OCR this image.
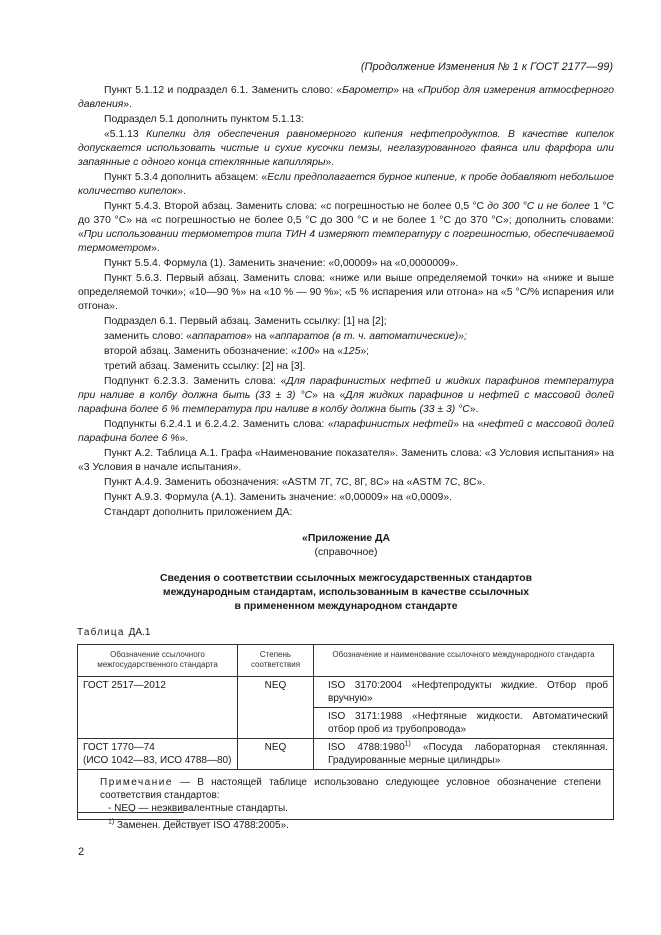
(Продолжение Изменения № 1 к ГОСТ 2177—99)

Пункт 5.1.12 и подраздел 6.1. Заменить слово: «Барометр» на «Прибор для измерения атмосферного давления».

Подраздел 5.1 дополнить пунктом 5.1.13:

«5.1.13 Кипелки для обеспечения равномерного кипения нефтепродуктов. В качестве кипелок допускается использовать чистые и сухие кусочки пемзы, неглазурованного фаянса или фарфора или запаянные с одного конца стеклянные капилляры».

Пункт 5.3.4 дополнить абзацем: «Если предполагается бурное кипение, к пробе добавляют небольшое количество кипелок».

Пункт 5.4.3. Второй абзац. Заменить слова: «с погрешностью не более 0,5 °С до 300 °С и не более 1 °С до 370 °С» на «с погрешностью не более 0,5 °С до 300 °С и не более 1 °С до 370 °С»; дополнить словами: «При использовании термометров типа ТИН 4 измеряют температуру с погрешностью, обеспечиваемой термометром».

Пункт 5.5.4. Формула (1). Заменить значение: «0,00009» на «0,0000009».

Пункт 5.6.3. Первый абзац. Заменить слова: «ниже или выше определяемой точки» на «ниже и выше определяемой точки»; «10—90 %» на «10 % — 90 %»; «5 % испарения или отгона» на «5 °С/% испарения или отгона».

Подраздел 6.1. Первый абзац. Заменить ссылку: [1] на [2];

заменить слово: «аппаратов» на «аппаратов (в т. ч. автоматические)»;

второй абзац. Заменить обозначение: «100» на «125»;

третий абзац. Заменить ссылку: [2] на [3].

Подпункт 6.2.3.3. Заменить слова: «Для парафинистых нефтей и жидких парафинов температура при наливе в колбу должна быть (33 ± 3) °С» на «Для жидких парафинов и нефтей с массовой долей парафина более 6 % температура при наливе в колбу должна быть (33 ± 3) °С».

Подпункты 6.2.4.1 и 6.2.4.2. Заменить слова: «парафинистых нефтей» на «нефтей с массовой долей парафина более 6 %».

Пункт А.2. Таблица А.1. Графа «Наименование показателя». Заменить слова: «3 Условия испытания» на «3 Условия в начале испытания».

Пункт А.4.9. Заменить обозначения: «ASTM 7Г, 7С, 8Г, 8С» на «ASTM 7С, 8С».

Пункт А.9.3. Формула (А.1). Заменить значение: «0,00009» на «0,0009».

Стандарт дополнить приложением ДА:

«Приложение ДА
(справочное)
Сведения о соответствии ссылочных межгосударственных стандартов
международным стандартам, использованным в качестве ссылочных
в примененном международном стандарте
Таблица ДА.1
Обозначение ссылочного межгосударственного стандарта	Степень соответствия	Обозначение и наименование ссылочного международного стандарта
ГОСТ 2517—2012	NEQ	ISO 3170:2004 «Нефтепродукты жидкие. Отбор проб вручную»
		ISO 3171:1988 «Нефтяные жидкости. Автоматический отбор проб из трубопровода»

ГОСТ 1770—74
(ИСО 1042—83, ИСО 4788—80)	NEQ	ISO 4788:1980$^{1)}$ «Посуда лабораторная стеклянная. Градуированные мерные цилиндры»

Примечание — В настоящей таблице использовано следующее условное обозначение степени соответствия стандартов:
- NEQ — неэквивалентные стандарты.		
$^{1)}$ Заменен. Действует ISO 4788:2005».
2
